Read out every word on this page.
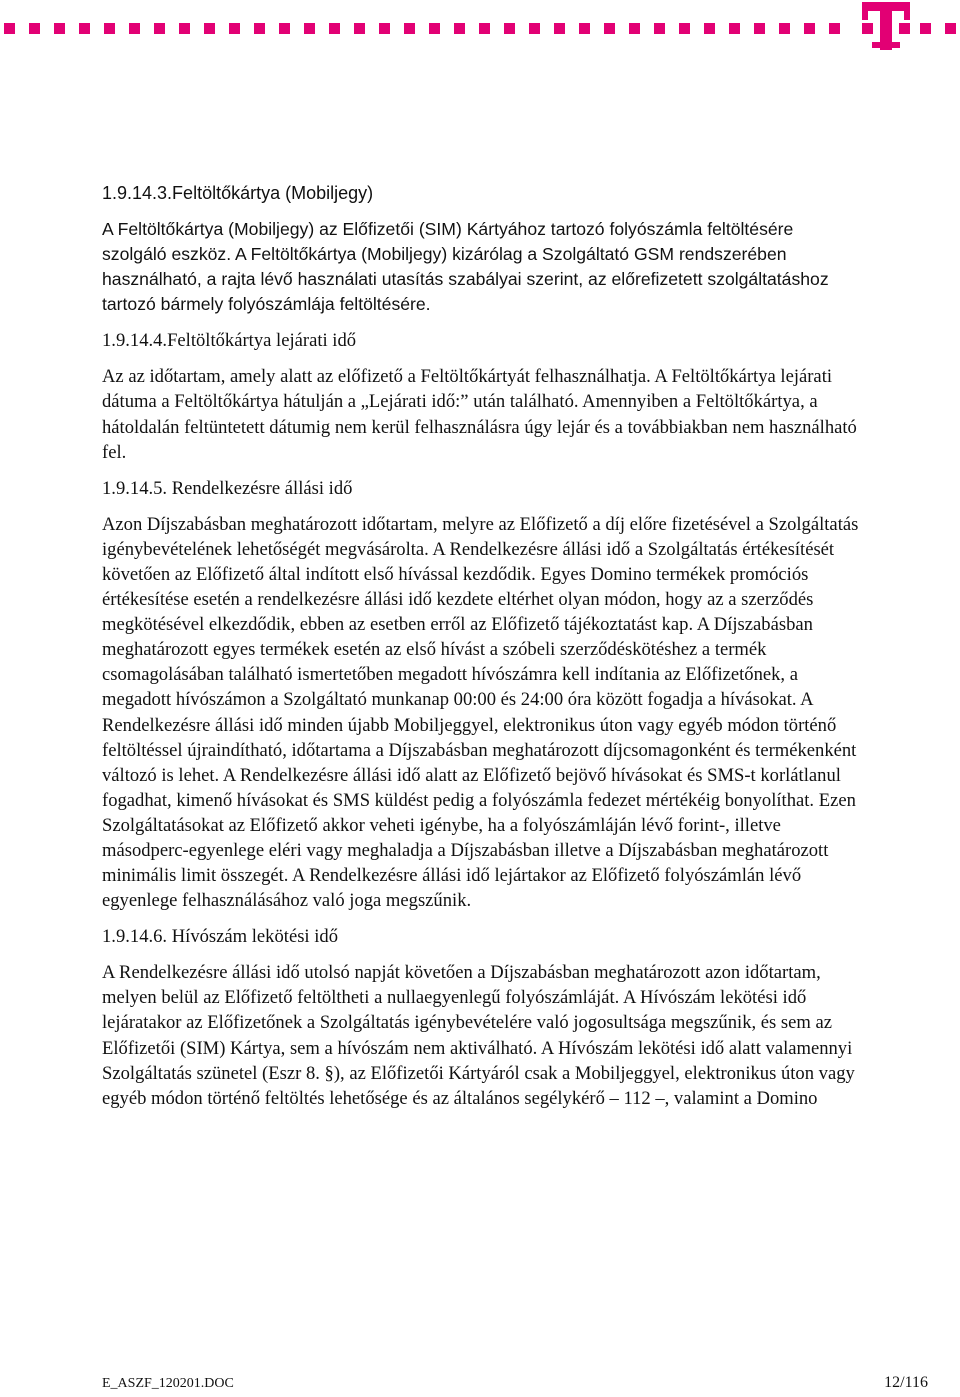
1.9.14.3.Feltöltőkártya (Mobiljegy)
A Feltöltőkártya (Mobiljegy) az Előfizetői (SIM) Kártyához tartozó folyószámla feltöltésére szolgáló eszköz. A Feltöltőkártya (Mobiljegy) kizárólag a Szolgáltató GSM rendszerében használható, a rajta lévő használati utasítás szabályai szerint, az előrefizetett szolgáltatáshoz tartozó bármely folyószámlája feltöltésére.
1.9.14.4.Feltöltőkártya lejárati idő
Az az időtartam, amely alatt az előfizető a Feltöltőkártyát felhasználhatja. A Feltöltőkártya lejárati dátuma a Feltöltőkártya hátulján a „Lejárati idő:” után található. Amennyiben a Feltöltőkártya, a hátoldalán feltüntetett dátumig nem kerül felhasználásra úgy lejár és a továbbiakban nem használható fel.
1.9.14.5. Rendelkezésre állási idő
Azon Díjszabásban meghatározott időtartam, melyre az Előfizető a díj előre fizetésével a Szolgáltatás igénybevételének lehetőségét megvásárolta. A Rendelkezésre állási idő a Szolgáltatás értékesítését követően az Előfizető által indított első hívással kezdődik. Egyes Domino termékek promóciós értékesítése esetén a rendelkezésre állási idő kezdete eltérhet olyan módon, hogy az a szerződés megkötésével elkezdődik, ebben az esetben erről az Előfizető tájékoztatást kap. A Díjszabásban meghatározott egyes termékek esetén az első hívást a szóbeli szerződéskötéshez a termék csomagolásában található ismertetőben megadott hívószámra kell indítania az Előfizetőnek, a megadott hívószámon a Szolgáltató munkanap 00:00 és 24:00 óra között fogadja a hívásokat. A Rendelkezésre állási idő minden újabb Mobiljeggyel, elektronikus úton vagy egyéb módon történő feltöltéssel újraindítható, időtartama a Díjszabásban meghatározott díjcsomagonként és termékenként változó is lehet. A Rendelkezésre állási idő alatt az Előfizető bejövő hívásokat és SMS-t korlátlanul fogadhat, kimenő hívásokat és SMS küldést pedig a folyószámla fedezet mértékéig bonyolíthat. Ezen Szolgáltatásokat az Előfizető akkor veheti igénybe, ha a folyószámláján lévő forint-, illetve másodperc-egyenlege eléri vagy meghaladja a Díjszabásban illetve a Díjszabásban meghatározott minimális limit összegét. A Rendelkezésre állási idő lejártakor az Előfizető folyószámlán lévő egyenlege felhasználásához való joga megszűnik.
1.9.14.6. Hívószám lekötési idő
A Rendelkezésre állási idő utolsó napját követően a Díjszabásban meghatározott azon időtartam, melyen belül az Előfizető feltöltheti a nullaegyenlegű folyószámláját. A Hívószám lekötési idő lejáratakor az Előfizetőnek a Szolgáltatás igénybevételére való jogosultsága megszűnik, és sem az Előfizetői (SIM) Kártya, sem a hívószám nem aktiválható. A Hívószám lekötési idő alatt valamennyi Szolgáltatás szünetel (Eszr 8. §), az Előfizetői Kártyáról csak a Mobiljeggyel, elektronikus úton vagy egyéb módon történő feltöltés lehetősége és az általános segélykérő – 112 –, valamint a Domino
E_ASZF_120201.DOC	12/116
